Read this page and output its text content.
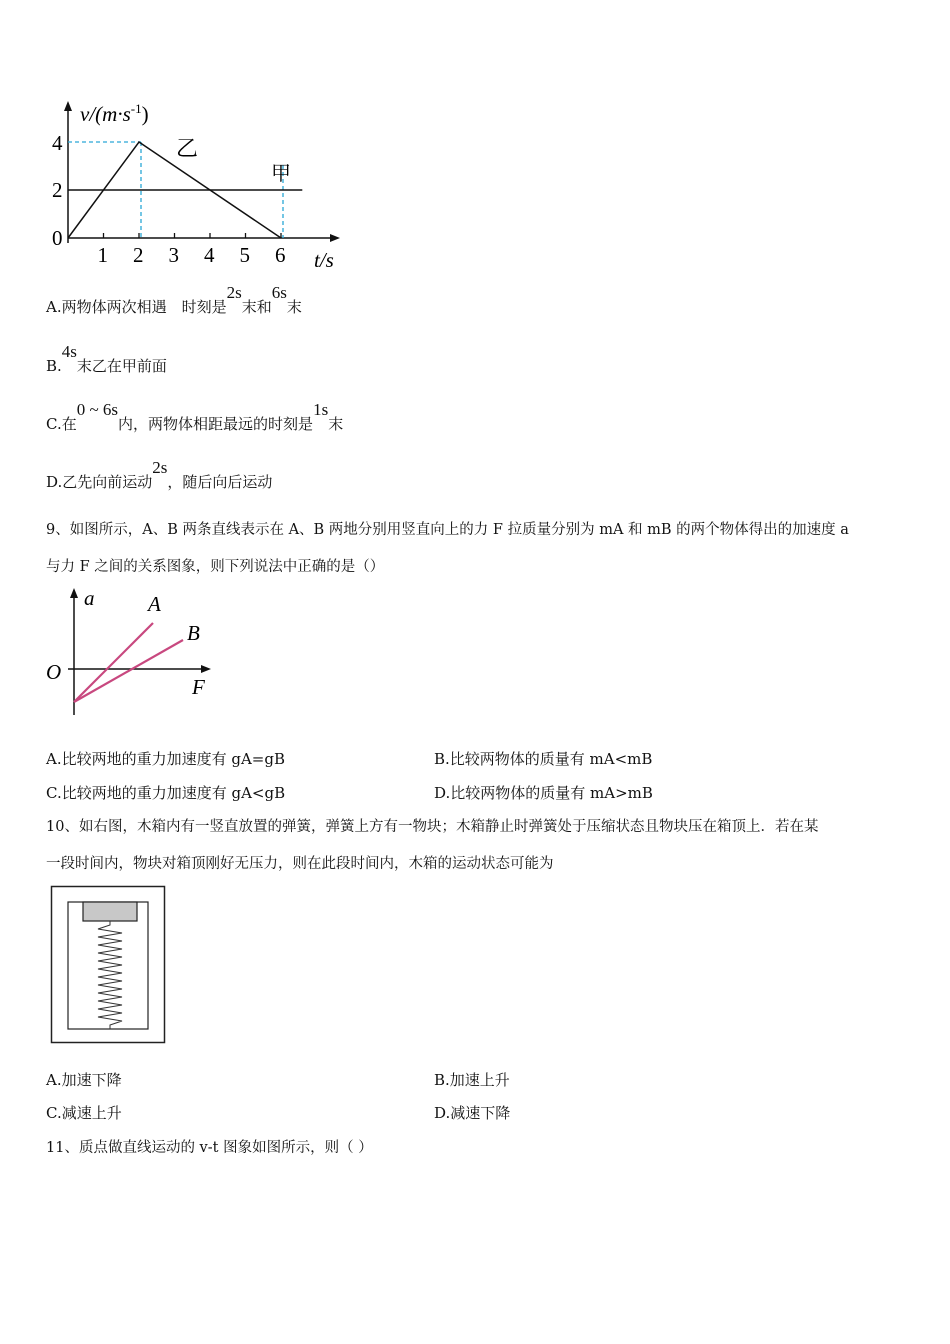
$v/(m\cdot s^{-1})$
4
2
0
t/s
乙
甲
1 2 3 4 5 6
A.两物体两次相遇　时刻是2s末和6s末
B.4s末乙在甲前面
C.在0 ~ 6s内，两物体相距最远的时刻是1s末
D.乙先向前运动2s，随后向后运动
9、如图所示，A、B 两条直线表示在 A、B 两地分别用竖直向上的力 F 拉质量分别为 mA 和 mB 的两个物体得出的加速度 a
与力 F 之间的关系图象，则下列说法中正确的是（）
a	A
B
O
F
A.比较两地的重力加速度有 gA=gB	B.比较两物体的质量有 mA<mB
C.比较两地的重力加速度有 gA<gB	D.比较两物体的质量有 mA>mB
10、如右图，木箱内有一竖直放置的弹簧，弹簧上方有一物块；木箱静止时弹簧处于压缩状态且物块压在箱顶上．若在某
一段时间内，物块对箱顶刚好无压力，则在此段时间内，木箱的运动状态可能为
A.加速下降	B.加速上升
C.减速上升	D.减速下降
11、质点做直线运动的 v-t 图象如图所示，则（ ）
